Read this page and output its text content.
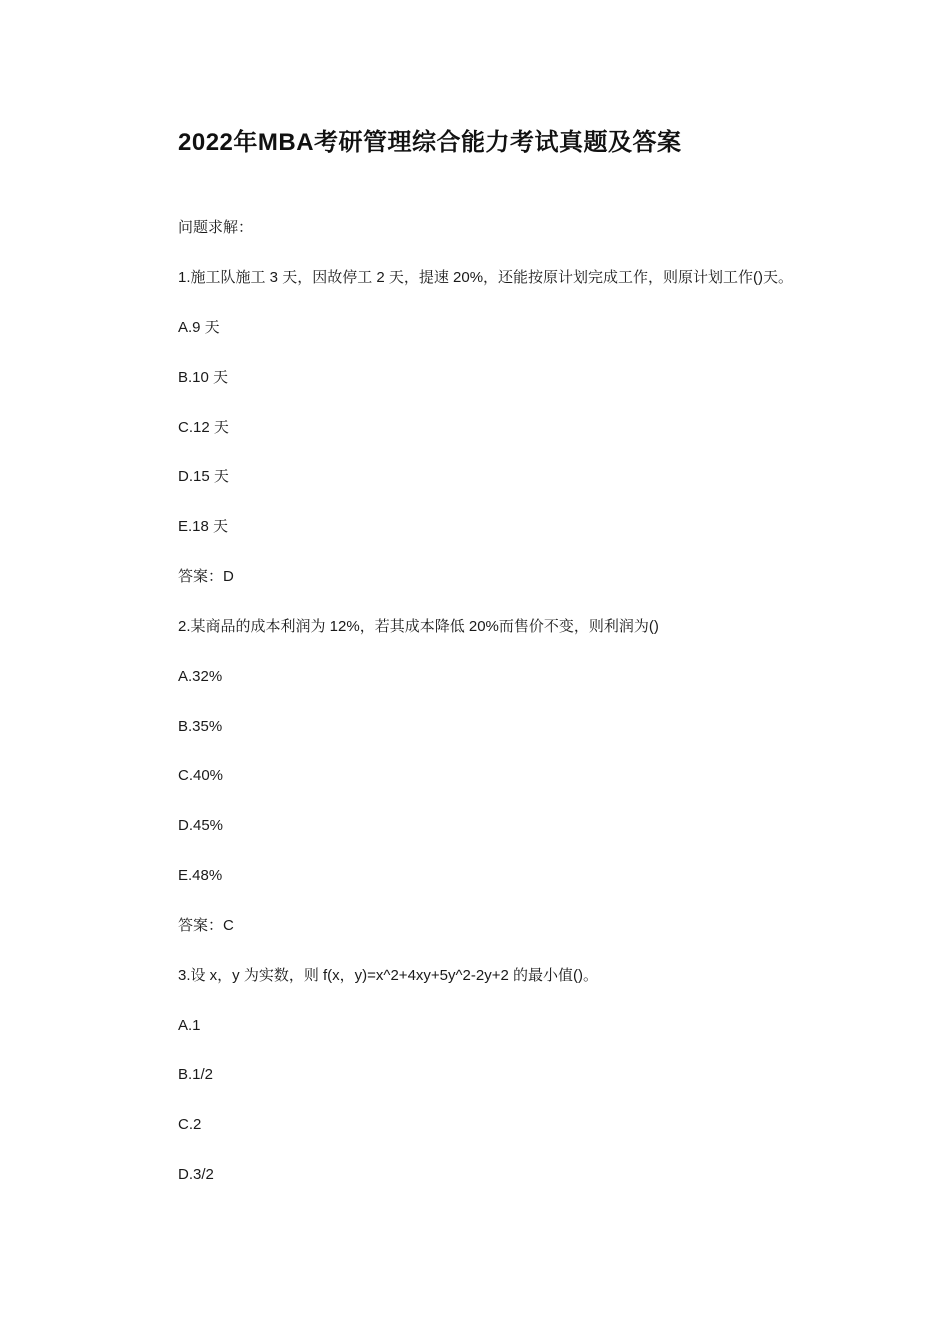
2022年MBA考研管理综合能力考试真题及答案
问题求解：
1.施工队施工 3 天，因故停工 2 天，提速 20%，还能按原计划完成工作，则原计划工作()天。
A.9 天
B.10 天
C.12 天
D.15 天
E.18 天
答案：D
2.某商品的成本利润为 12%，若其成本降低 20%而售价不变，则利润为()
A.32%
B.35%
C.40%
D.45%
E.48%
答案：C
3.设 x，y 为实数，则 f(x，y)=x^2+4xy+5y^2-2y+2 的最小值()。
A.1
B.1/2
C.2
D.3/2
